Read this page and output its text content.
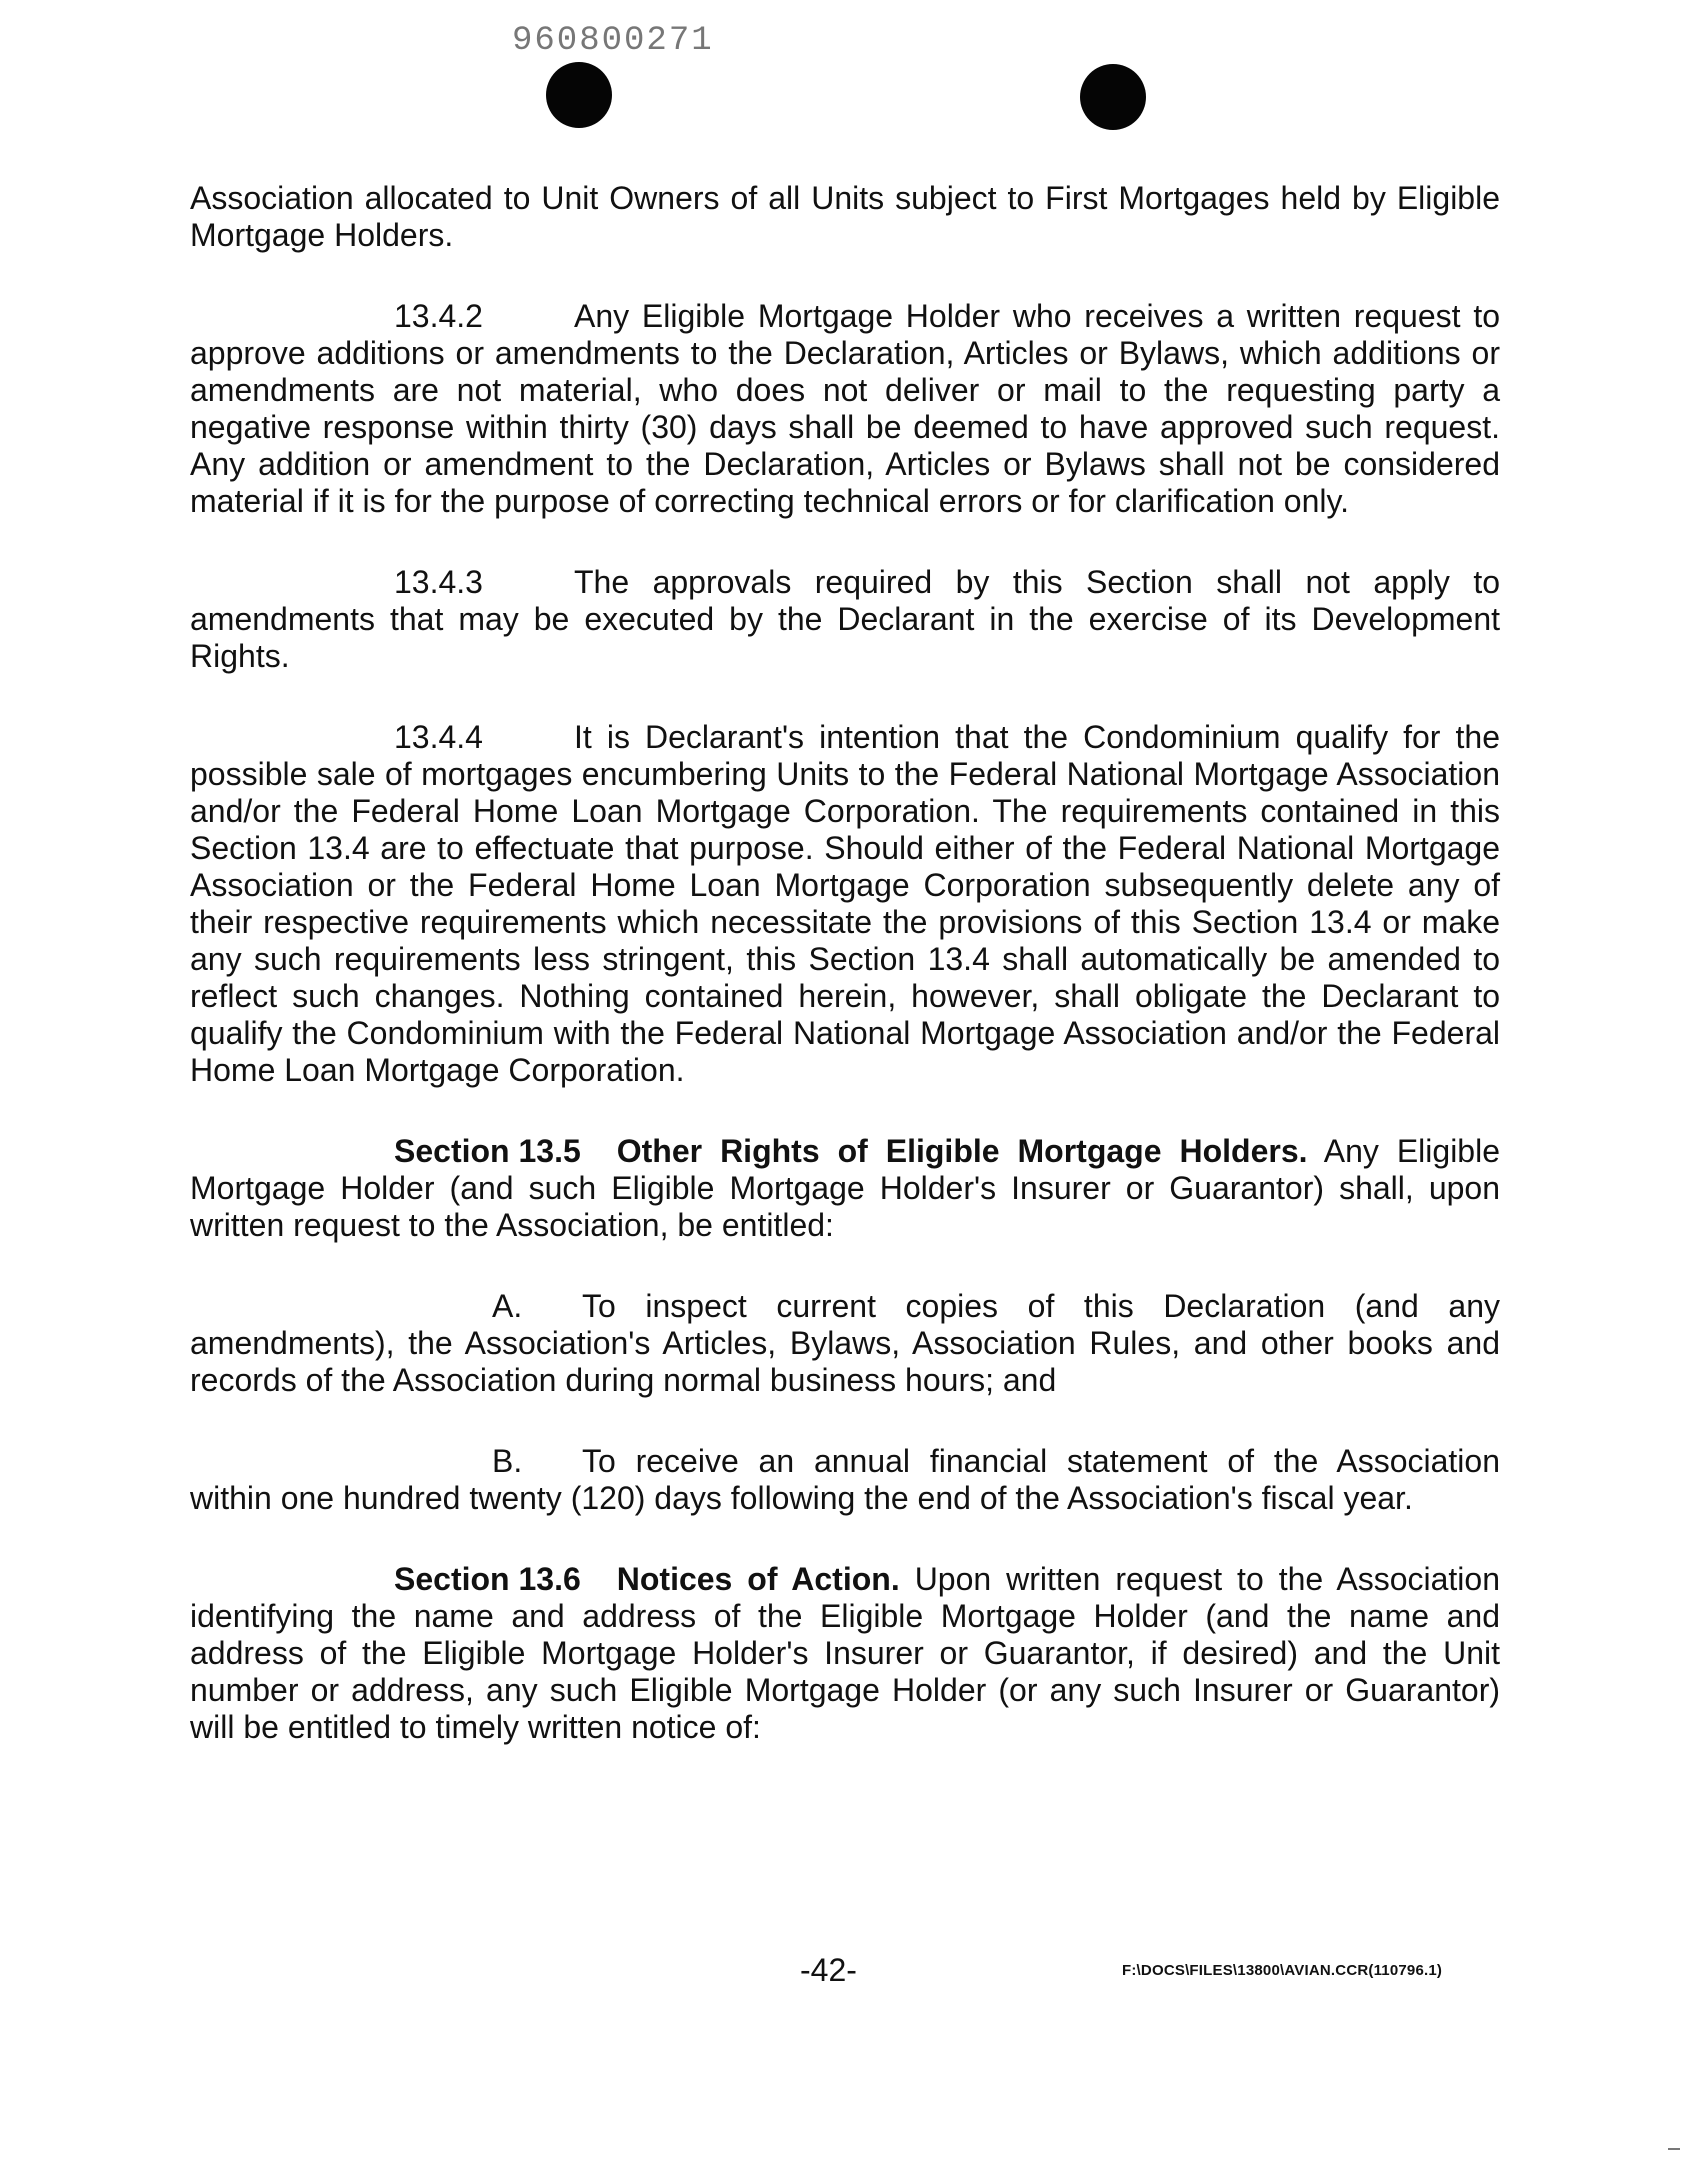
960800271

Association allocated to Unit Owners of all Units subject to First Mortgages held by Eligible Mortgage Holders.

13.4.2	Any Eligible Mortgage Holder who receives a written request to approve additions or amendments to the Declaration, Articles or Bylaws, which additions or amendments are not material, who does not deliver or mail to the requesting party a negative response within thirty (30) days shall be deemed to have approved such request. Any addition or amendment to the Declaration, Articles or Bylaws shall not be considered material if it is for the purpose of correcting technical errors or for clarification only.

13.4.3	The approvals required by this Section shall not apply to amendments that may be executed by the Declarant in the exercise of its Development Rights.

13.4.4	It is Declarant's intention that the Condominium qualify for the possible sale of mortgages encumbering Units to the Federal National Mortgage Association and/or the Federal Home Loan Mortgage Corporation. The requirements contained in this Section 13.4 are to effectuate that purpose. Should either of the Federal National Mortgage Association or the Federal Home Loan Mortgage Corporation subsequently delete any of their respective requirements which necessitate the provisions of this Section 13.4 or make any such requirements less stringent, this Section 13.4 shall automatically be amended to reflect such changes. Nothing contained herein, however, shall obligate the Declarant to qualify the Condominium with the Federal National Mortgage Association and/or the Federal Home Loan Mortgage Corporation.

Section 13.5 Other Rights of Eligible Mortgage Holders. Any Eligible Mortgage Holder (and such Eligible Mortgage Holder's Insurer or Guarantor) shall, upon written request to the Association, be entitled:

A. To inspect current copies of this Declaration (and any amendments), the Association's Articles, Bylaws, Association Rules, and other books and records of the Association during normal business hours; and

B. To receive an annual financial statement of the Association within one hundred twenty (120) days following the end of the Association's fiscal year.

Section 13.6 Notices of Action. Upon written request to the Association identifying the name and address of the Eligible Mortgage Holder (and the name and address of the Eligible Mortgage Holder's Insurer or Guarantor, if desired) and the Unit number or address, any such Eligible Mortgage Holder (or any such Insurer or Guarantor) will be entitled to timely written notice of:

-42-	F:\DOCS\FILES\13800\AVIAN.CCR(110796.1)
